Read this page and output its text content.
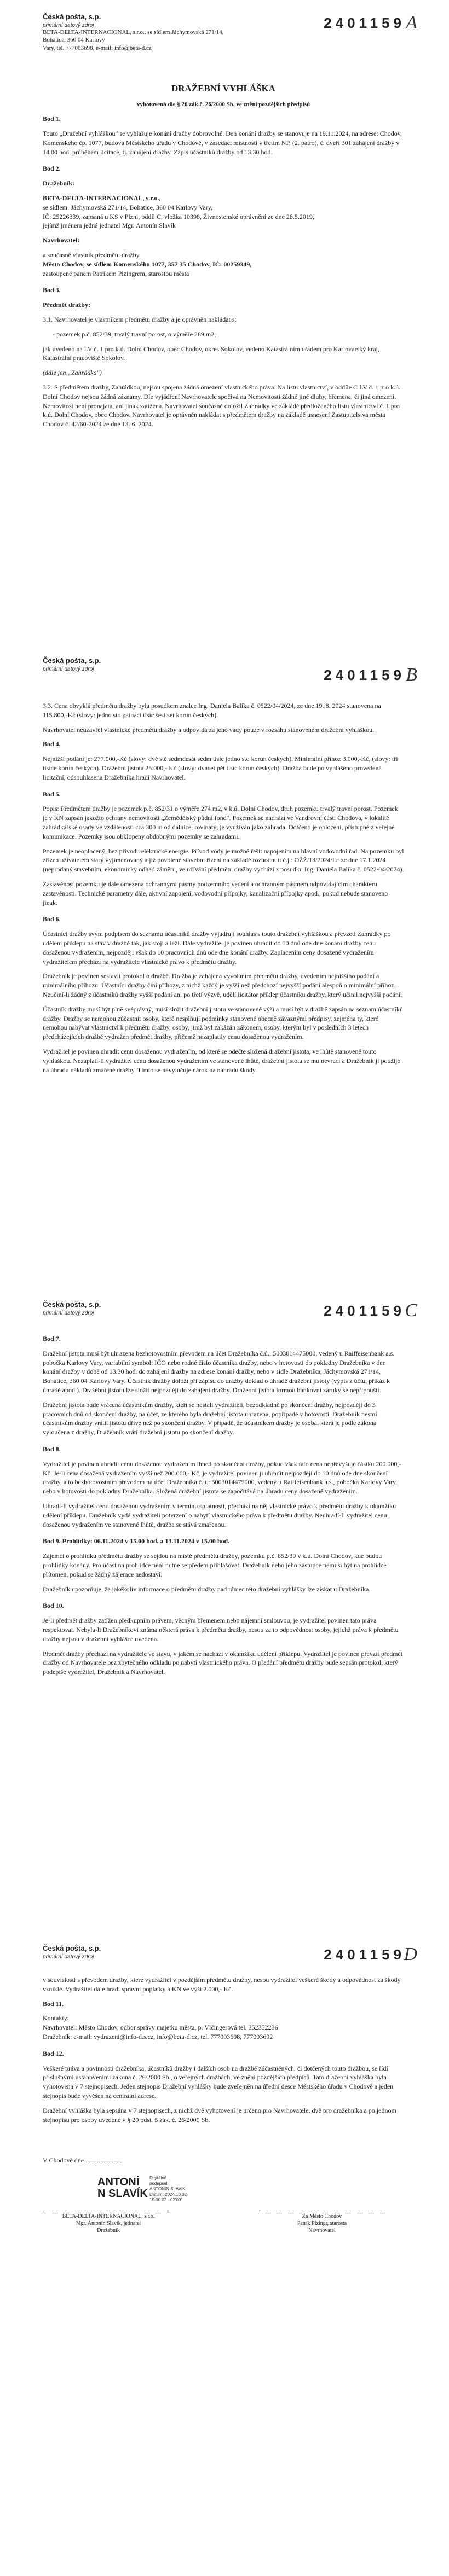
Česká pošta, s.p.
primární datový zdroj	2401159 A
BETA-DELTA-INTERNACIONAL, s.r.o., se sídlem Jáchymovská 271/14, Bohatice, 360 04 Karlovy
Vary, tel. 777003698, e-mail: info@beta-d.cz

DRAŽEBNÍ VYHLÁŠKA

vyhotovená dle § 20 zák.č. 26/2000 Sb. ve znění pozdějších předpisů

Bod 1.

Touto „Dražební vyhláškou" se vyhlašuje konání dražby dobrovolné. Den konání dražby se stanovuje na 19.11.2024, na adrese: Chodov, Komenského čp. 1077, budova Městského úřadu v Chodově, v zasedací místnosti v třetím NP, (2. patro), č. dveří 301 zahájení dražby v 14.00 hod. průběhem licitace, tj. zahájení dražby. Zápis účastníků dražby od 13.30 hod.

Bod 2.

Dražebník:

BETA-DELTA-INTERNACIONAL, s.r.o.,
se sídlem: Jáchymovská 271/14, Bohatice, 360 04 Karlovy Vary,
IČ: 25226339, zapsaná u KS v Plzni, oddíl C, vložka 10398, Živnostenské oprávnění ze dne 28.5.2019,
jejímž jménem jedná jednatel Mgr. Antonín Slavík

Navrhovatel:

a současně vlastník předmětu dražby
Město Chodov, se sídlem Komenského 1077, 357 35 Chodov, IČ: 00259349,
zastoupené panem Patrikem Pizingrem, starostou města

Bod 3.

Předmět dražby:

3.1. Navrhovatel je vlastníkem předmětu dražby a je oprávněn nakládat s:

- pozemek p.č. 852/39, trvalý travní porost, o výměře 289 m2,

jak uvedeno na LV č. 1 pro k.ú. Dolní Chodov, obec Chodov, okres Sokolov, vedeno Katastrálním úřadem pro Karlovarský kraj, Katastrální pracoviště Sokolov.

(dále jen „Zahrádka")

3.2. S předmětem dražby, Zahrádkou, nejsou spojena žádná omezení vlastnického práva. Na listu vlastnictví, v oddíle C LV č. 1 pro k.ú. Dolní Chodov nejsou žádná záznamy. Dle vyjádření Navrhovatele spočívá na Nemovitosti žádné jiné dluhy, břemena, či jiná omezení. Nemovitost není pronajata, ani jinak zatížena. Navrhovatel současně doložil Zahrádky ve zákládě předloženého listu vlastnictví č. 1 pro k.ú. Dolní Chodov, obec Chodov. Navrhovatel je oprávněn nakládat s předmětem dražby na základě usnesení Zastupitelstva města Chodov č. 42/60-2024 ze dne 13. 6. 2024.

Česká pošta, s.p.
primární datový zdroj	2401159 B

3.3. Cena obvyklá předmětu dražby byla posudkem znalce Ing. Daniela Balíka č. 0522/04/2024, ze dne 19. 8. 2024 stanovena na 115.800,-Kč (slovy: jedno sto patnáct tisíc šest set korun českých).

Navrhovatel neuzavřel vlastnické předmětu dražby a odpovídá za jeho vady pouze v rozsahu stanoveném dražební vyhláškou.

Bod 4.

Nejnižší podání je: 277.000,-Kč (slovy: dvě stě sedmdesát sedm tisíc jedno sto korun českých). Minimální příhoz 3.000,-Kč, (slovy: tři tisíce korun českých). Dražební jistota 25.000,- Kč (slovy: dvacet pět tisíc korun českých). Dražba bude po vyhlášeno provedená licitační, odsouhlasena Dražebníka hradí Navrhovatel.

Bod 5.

Popis: Předmětem dražby je pozemek p.č. 852/31 o výměře 274 m2, v k.ú. Dolní Chodov, druh pozemku trvalý travní porost. Pozemek je v KN zapsán jakožto ochrany nemovitosti „Zemědělský půdní fond". Pozemek se nachází ve Vandrovní části Chodova, v lokalitě zahrádkářské osady ve vzdálenosti cca 300 m od dálnice, rovinatý, je využíván jako zahrada. Dotčeno je oplocení, přístupné z veřejné komunikace. Pozemky jsou obklopeny obdobnými pozemky se zahradami.

Pozemek je neoplocený, bez přívodu elektrické energie. Přívod vody je možné řešit napojením na hlavní vodovodní řad. Na pozemku byl zřízen uživatelem starý vyjímenovaný a již povolené stavební řízení na základě rozhodnutí č.j.: OŽŽ/13/2024/Lc ze dne 17.1.2024 (neprodaný stavebním, ekonomicky odhad záměru, ve užívání předmětu dražby vychází z posudku Ing. Daniela Balíka č. 0522/04/2024).

Zastavěnost pozemku je dále omezena ochrannými pásmy podzemního vedení a ochranným pásmem odpovídajícím charakteru zastavěnosti. Technické parametry dále, aktivní zapojení, vodovodní přípojky, kanalizační přípojky apod., pokud nebude stanoveno jinak.

Bod 6.

Účastníci dražby svým podpisem do seznamu účastníků dražby vyjadřují souhlas s touto dražební vyhláškou a převzetí Zahrádky po udělení příklepu na stav v dražbě tak, jak stojí a leží. Dále vydražitel je povinen uhradit do 10 dnů ode dne konání dražby cenu dosaženou vydražením, nejpozději však do 10 pracovních dnů ode dne konání dražby. Zaplacením ceny dosažené vydražením vydražitelem přechází na vydražitele vlastnické právo k předmětu dražby.

Dražebník je povinen sestavit protokol o dražbě. Dražba je zahájena vyvoláním předmětu dražby, uvedením nejnižšího podání a minimálního příhozu. Účastníci dražby činí příhozy, z nichž každý je vyšší než předchozí nejvyšší podání alespoň o minimální příhoz. Neučiní-li žádný z účastníků dražby vyšší podání ani po třetí výzvě, udělí licitátor příklep účastníku dražby, který učinil nejvyšší podání.

Účastník dražby musí být plně svéprávný, musí složit dražební jistotu ve stanovené výši a musí být v dražbě zapsán na seznam účastníků dražby. Dražby se nemohou zúčastnit osoby, které nesplňují podmínky stanovené obecně závaznými předpisy, zejména ty, které nemohou nabývat vlastnictví k předmětu dražby, osoby, jimž byl zakázán zákonem, osoby, kterým byl v posledních 3 letech předcházejících dražbě vydražen předmět dražby, přičemž nezaplatily cenu dosaženou vydražením.

Vydražitel je povinen uhradit cenu dosaženou vydražením, od které se odečte složená dražební jistota, ve lhůtě stanovené touto vyhláškou. Nezaplatí-li vydražitel cenu dosaženou vydražením ve stanovené lhůtě, dražební jistota se mu nevrací a Dražebník ji použije na úhradu nákladů zmařené dražby. Tímto se nevylučuje nárok na náhradu škody.

Česká pošta, s.p.
primární datový zdroj	2401159 C

Bod 7.

Dražební jistota musí být uhrazena bezhotovostním převodem na účet Dražebníka č.ú.: 5003014475000, vedený u Raiffeisenbank a.s. pobočka Karlovy Vary, variabilní symbol: IČO nebo rodné číslo účastníka dražby, nebo v hotovosti do pokladny Dražebníka v den konání dražby v době od 13.30 hod. do zahájení dražby na adrese konání dražby, nebo v sídle Dražebníka, Jáchymovská 271/14, Bohatice, 360 04 Karlovy Vary. Účastník dražby doloží při zápisu do dražby doklad o úhradě dražební jistoty (výpis z účtu, příkaz k úhradě apod.). Dražební jistotu lze složit nejpozději do zahájení dražby. Dražební jistota formou bankovní záruky se nepřipouští.

Dražební jistota bude vrácena účastníkům dražby, kteří se nestali vydražiteli, bezodkladně po skončení dražby, nejpozději do 3 pracovních dnů od skončení dražby, na účet, ze kterého byla dražební jistota uhrazena, popřípadě v hotovosti. Dražebník nesmí účastníkům dražby vrátit jistotu dříve než po skončení dražby. V případě, že účastníkem dražby je osoba, která je podle zákona vyloučena z dražby, Dražebník vrátí dražební jistotu po skončení dražby.

Bod 8.

Vydražitel je povinen uhradit cenu dosaženou vydražením ihned po skončení dražby, pokud však tato cena nepřevyšuje částku 200.000,- Kč. Je-li cena dosažená vydražením vyšší než 200.000,- Kč, je vydražitel povinen ji uhradit nejpozději do 10 dnů ode dne skončení dražby, a to bezhotovostním převodem na účet Dražebníka č.ú.: 5003014475000, vedený u Raiffeisenbank a.s., pobočka Karlovy Vary, nebo v hotovosti do pokladny Dražebníka. Složená dražební jistota se započítává na úhradu ceny dosažené vydražením.

Uhradí-li vydražitel cenu dosaženou vydražením v termínu splatnosti, přechází na něj vlastnické právo k předmětu dražby k okamžiku udělení příklepu. Dražebník vydá vydražiteli potvrzení o nabytí vlastnického práva k předmětu dražby. Neuhradí-li vydražitel cenu dosaženou vydražením ve stanovené lhůtě, dražba se stává zmařenou.

Bod 9. Prohlídky: 06.11.2024 v 15.00 hod. a 13.11.2024 v 15.00 hod.

Zájemci o prohlídku předmětu dražby se sejdou na místě předmětu dražby, pozemku p.č. 852/39 v k.ú. Dolní Chodov, kde budou prohlídky konány. Pro účast na prohlídce není nutné se předem přihlašovat. Dražebník nebo jeho zástupce nemusí být na prohlídce přítomen, pokud se žádný zájemce nedostaví.

Dražebník upozorňuje, že jakékoliv informace o předmětu dražby nad rámec této dražební vyhlášky lze získat u Dražebníka.

Bod 10.

Je-li předmět dražby zatížen předkupním právem, věcným břemenem nebo nájemní smlouvou, je vydražitel povinen tato práva respektovat. Nebyla-li Dražebníkovi známa některá práva k předmětu dražby, nesou za to odpovědnost osoby, jejichž práva k předmětu dražby nejsou v dražební vyhlášce uvedena.

Předmět dražby přechází na vydražitele ve stavu, v jakém se nachází v okamžiku udělení příklepu. Vydražitel je povinen převzít předmět dražby od Navrhovatele bez zbytečného odkladu po nabytí vlastnického práva. O předání předmětu dražby bude sepsán protokol, který podepíše vydražitel, Dražebník a Navrhovatel.

Česká pošta, s.p.
primární datový zdroj	2401159
D

v souvislosti s převodem dražby, které vydražitel v pozdějším předmětu dražby, nesou vydražitel veškeré škody a odpovědnost za škody vzniklé. Vydražitel dále hradí správní poplatky a KN ve výši 2.000,- Kč.

Bod 11.

Kontakty:

Navrhovatel: Město Chodov, odbor správy majetku města, p. Vlčingerová tel. 352352236
Dražebník: e-mail: vydrazeni@info-d.s.cz, info@beta-d.cz, tel. 777003698, 777003692

Bod 12.

Veškeré práva a povinnosti dražebníka, účastníků dražby i dalších osob na dražbě zúčastněných, či dotčených touto dražbou, se řídí příslušnými ustanoveními zákona č. 26/2000 Sb., o veřejných dražbách, ve znění pozdějších předpisů. Tato dražební vyhláška byla vyhotovena v 7 stejnopisech. Jeden stejnopis Dražební vyhlášky bude zveřejněn na úřední desce Městského úřadu v Chodově a jeden stejnopis bude vyvěšen na centrální adrese.

Dražební vyhláška byla sepsána v 7 stejnopisech, z nichž dvě vyhotovení je určeno pro Navrhovatele, dvě pro dražebníka a po jednom stejnopisu pro osoby uvedené v § 20 odst. 5 zák. č. 26/2000 Sb.

V Chodově dne ......................
ANTONÍ
N SLAVÍK
Digitálně
podepsal
ANTONÍN SLAVÍK
Datum: 2024.10.02
15:00:02 +02'00'
BETA-DELTA-INTERNACIONAL, s.r.o.
Mgr. Antonín Slavík, jednatel
Dražebník
Za Město Chodov
Patrik Pizingr, starosta
Navrhovatel
